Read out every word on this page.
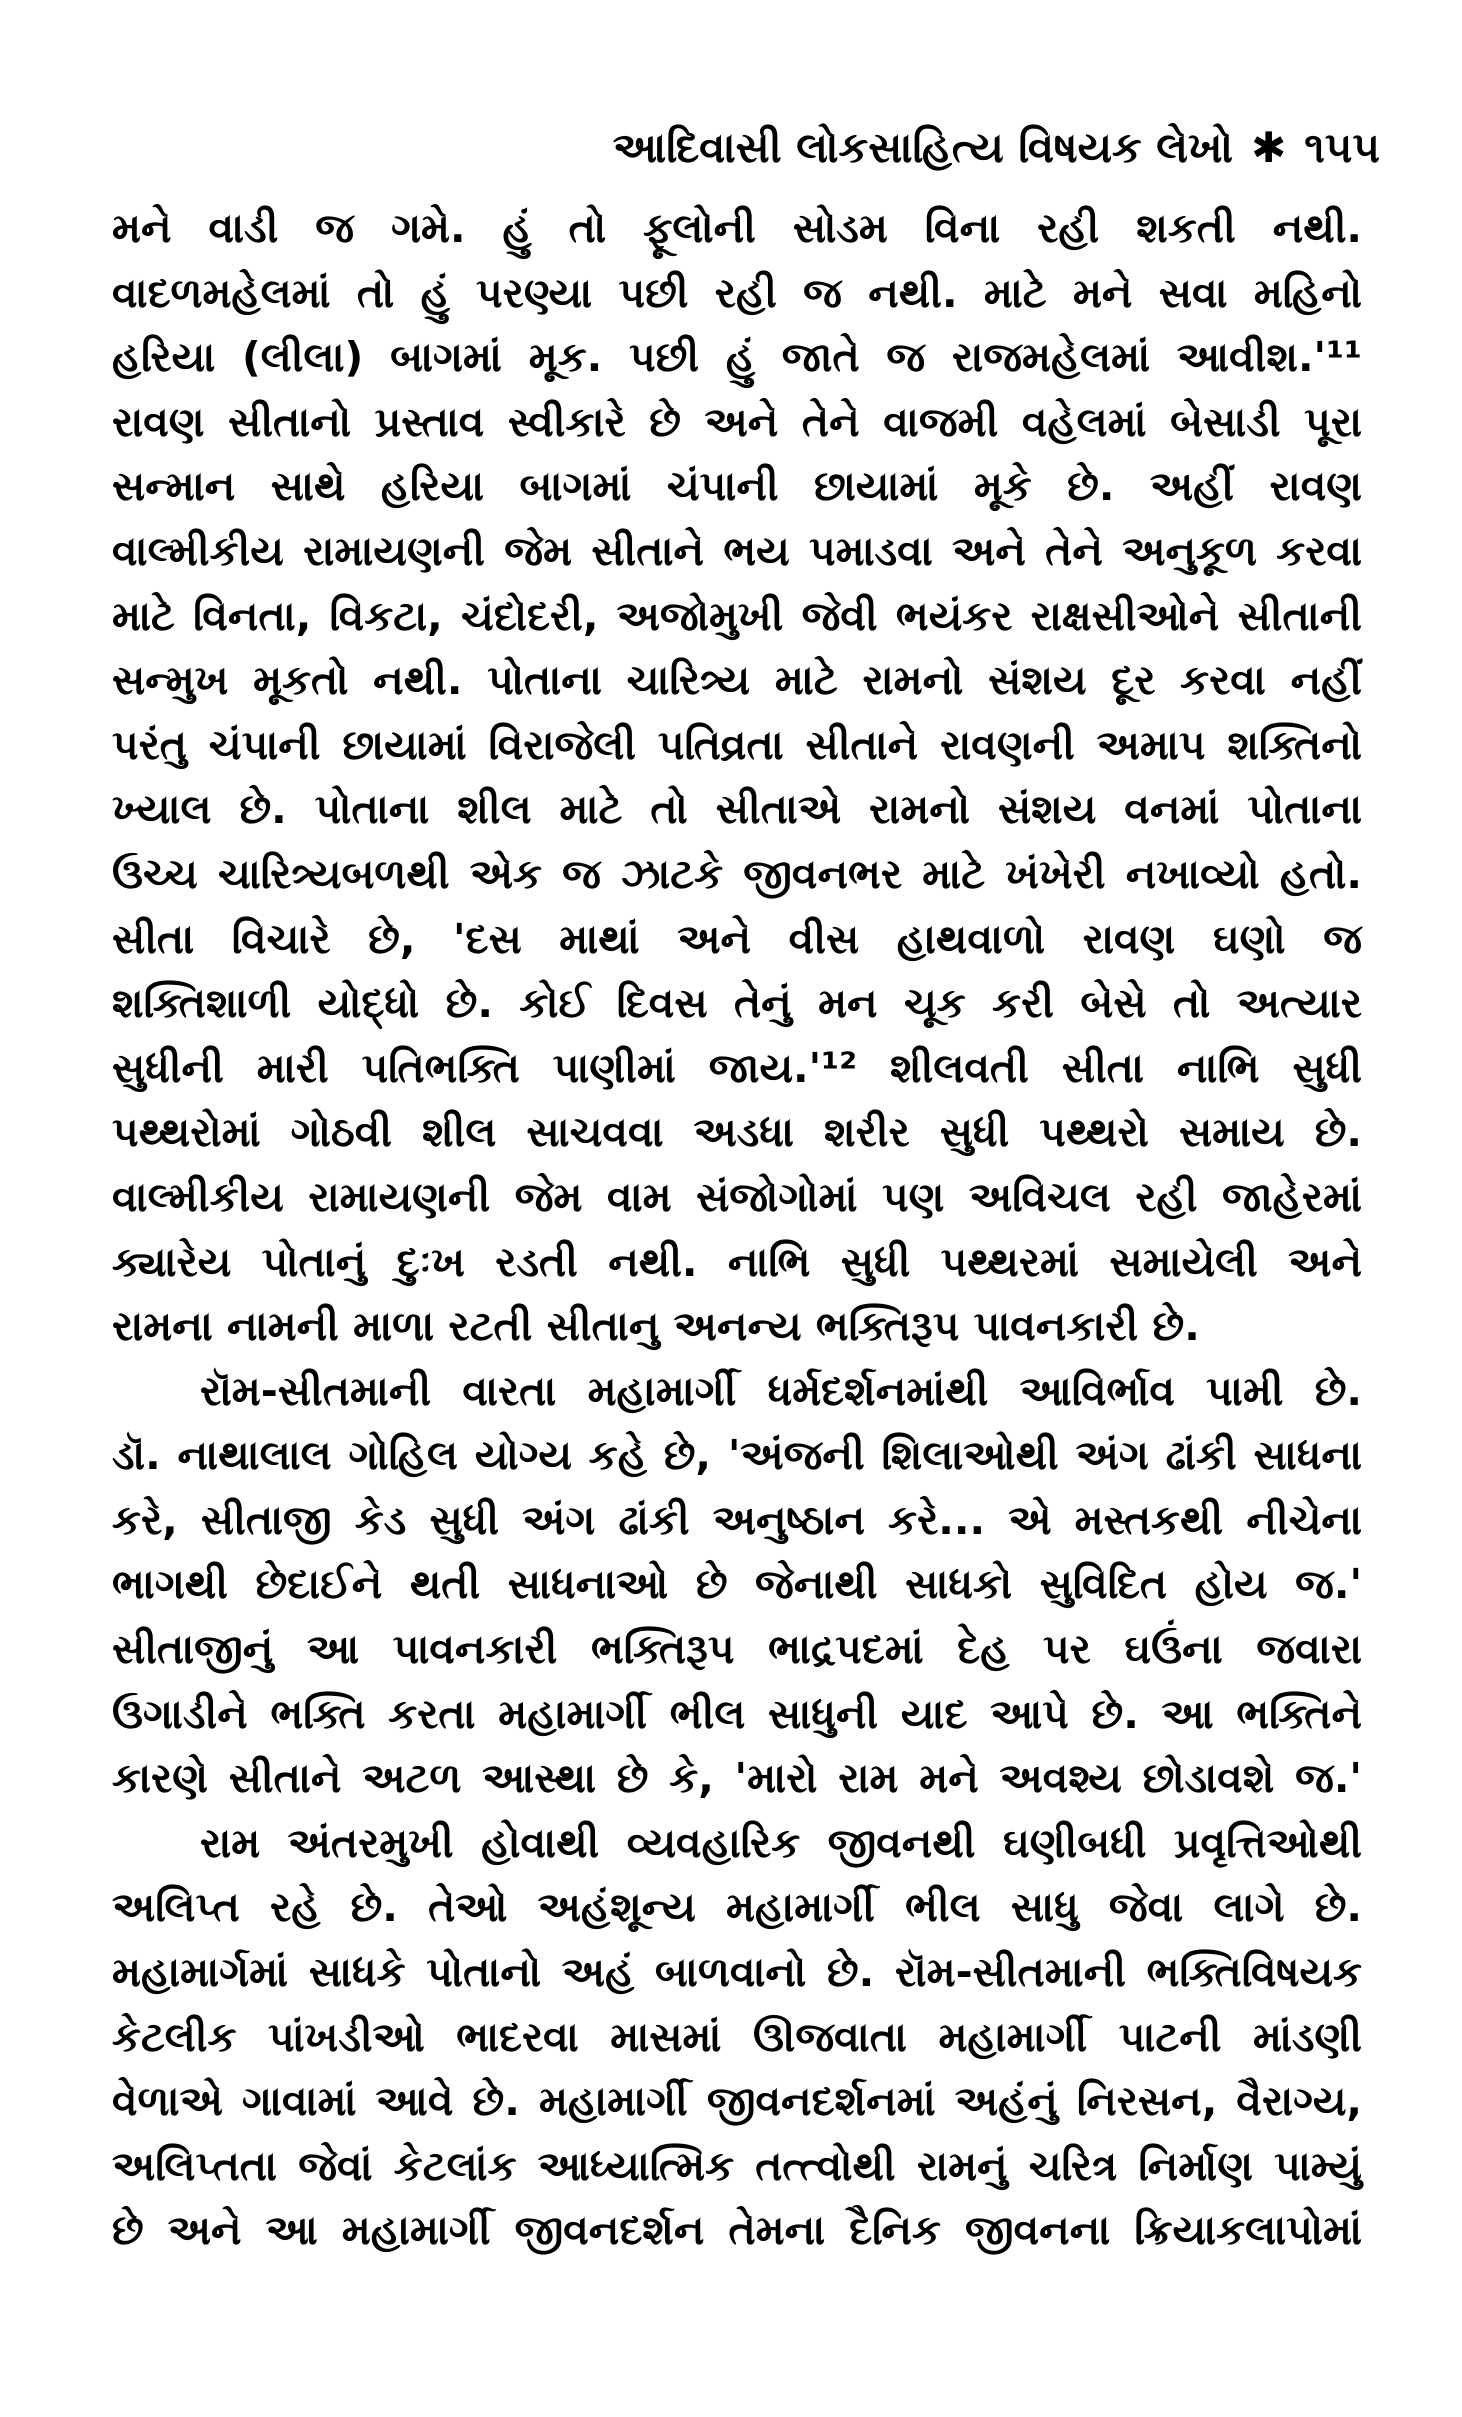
આદિવાસી લોકસાહિત્ય વિષયક લેખો ✱ ૧૫૫
મને વાડી જ ગમે. હું તો ફૂલોની સોડમ વિના રહી શકતી નથી.
વાદળમહેલમાં તો હું પરણ્યા પછી રહી જ નથી. માટે મને સવા મહિનો
હરિયા (લીલા) બાગમાં મૂક. પછી હું જાતે જ રાજમહેલમાં આવીશ.'¹¹
રાવણ સીતાનો પ્રસ્તાવ સ્વીકારે છે અને તેને વાજમી વહેલમાં બેસાડી પૂરા
સન્માન સાથે હરિયા બાગમાં ચંપાની છાયામાં મૂકે છે. અહીં રાવણ
વાલ્મીકીય રામાયણની જેમ સીતાને ભય પમાડવા અને તેને અનુકૂળ કરવા
માટે વિનતા, વિકટા, ચંદોદરી, અજોમુખી જેવી ભયંકર રાક્ષસીઓને સીતાની
સન્મુખ મૂકતો નથી. પોતાના ચારિત્ર્ય માટે રામનો સંશય દૂર કરવા નહીં
પરંતુ ચંપાની છાયામાં વિરાજેલી પતિવ્રતા સીતાને રાવણની અમાપ શક્તિનો
ખ્યાલ છે. પોતાના શીલ માટે તો સીતાએ રામનો સંશય વનમાં પોતાના
ઉચ્ચ ચારિત્ર્યબળથી એક જ ઝાટકે જીવનભર માટે ખંખેરી નખાવ્યો હતો.
સીતા વિચારે છે, 'દસ માથાં અને વીસ હાથવાળો રાવણ ઘણો જ
શક્તિશાળી યોદ્ધો છે. કોઈ દિવસ તેનું મન ચૂક કરી બેસે તો અત્યાર
સુધીની મારી પતિભક્તિ પાણીમાં જાય.'¹² શીલવતી સીતા નાભિ સુધી
પથ્થરોમાં ગોઠવી શીલ સાચવવા અડધા શરીર સુધી પથ્થરો સમાય છે.
વાલ્મીકીય રામાયણની જેમ વામ સંજોગોમાં પણ અવિચલ રહી જાહેરમાં
ક્યારેય પોતાનું દુઃખ રડતી નથી. નાભિ સુધી પથ્થરમાં સમાયેલી અને
રામના નામની માળા રટતી સીતાનુ અનન્ય ભક્તિરૂપ પાવનકારી છે.
રૉમ-સીતમાની વારતા મહામાર્ગી ધર્મદર્શનમાંથી આવિર્ભાવ પામી છે.
ડૉ. નાથાલાલ ગોહિલ યોગ્ય કહે છે, 'અંજની શિલાઓથી અંગ ઢાંકી સાધના
કરે, સીતાજી કેડ સુધી અંગ ઢાંકી અનુષ્ઠાન કરે... એ મસ્તકથી નીચેના
ભાગથી છેદાઈને થતી સાધનાઓ છે જેનાથી સાધકો સુવિદિત હોય જ.'
સીતાજીનું આ પાવનકારી ભક્તિરૂપ ભાદ્રપદમાં દેહ પર ઘઉંના જવારા
ઉગાડીને ભક્તિ કરતા મહામાર્ગી ભીલ સાધુની યાદ આપે છે. આ ભક્તિને
કારણે સીતાને અટળ આસ્થા છે કે, 'મારો રામ મને અવશ્ય છોડાવશે જ.'
રામ અંતરમુખી હોવાથી વ્યવહારિક જીવનથી ઘણીબધી પ્રવૃત્તિઓથી
અલિપ્ત રહે છે. તેઓ અહંશૂન્ય મહામાર્ગી ભીલ સાધુ જેવા લાગે છે.
મહામાર્ગમાં સાધકે પોતાનો અહં બાળવાનો છે. રૉમ-સીતમાની ભક્તિવિષયક
કેટલીક પાંખડીઓ ભાદરવા માસમાં ઊજવાતા મહામાર્ગી પાટની માંડણી
વેળાએ ગાવામાં આવે છે. મહામાર્ગી જીવનદર્શનમાં અહંનું નિરસન, વૈરાગ્ય,
અલિપ્તતા જેવાં કેટલાંક આધ્યાત્મિક તત્ત્વોથી રામનું ચરિત્ર નિર્માણ પામ્યું
છે અને આ મહામાર્ગી જીવનદર્શન તેમના દૈનિક જીવનના ક્રિયાકલાપોમાં
